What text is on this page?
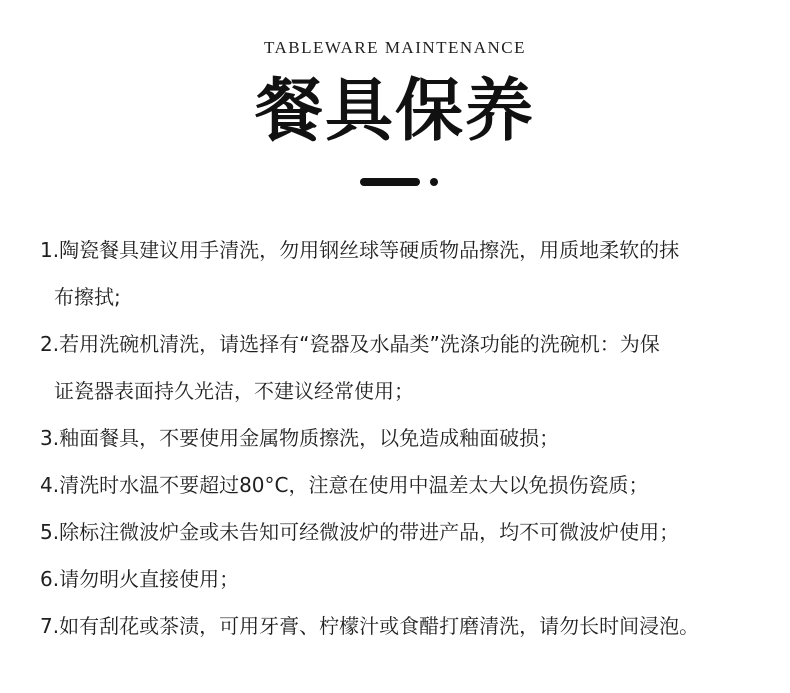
TABLEWARE MAINTENANCE
餐具保养
1.陶瓷餐具建议用手清洗，勿用钢丝球等硬质物品擦洗，用质地柔软的抹
布擦拭;
2.若用洗碗机清洗，请选择有“瓷器及水晶类”洗涤功能的洗碗机：为保
证瓷器表面持久光洁，不建议经常使用；
3.釉面餐具，不要使用金属物质擦洗，以免造成釉面破损；
4.清洗时水温不要超过80°C，注意在使用中温差太大以免损伤瓷质；
5.除标注微波炉金或未告知可经微波炉的带进产品，均不可微波炉使用；
6.请勿明火直接使用；
7.如有刮花或茶渍，可用牙膏、柠檬汁或食醋打磨清洗，请勿长时间浸泡。
